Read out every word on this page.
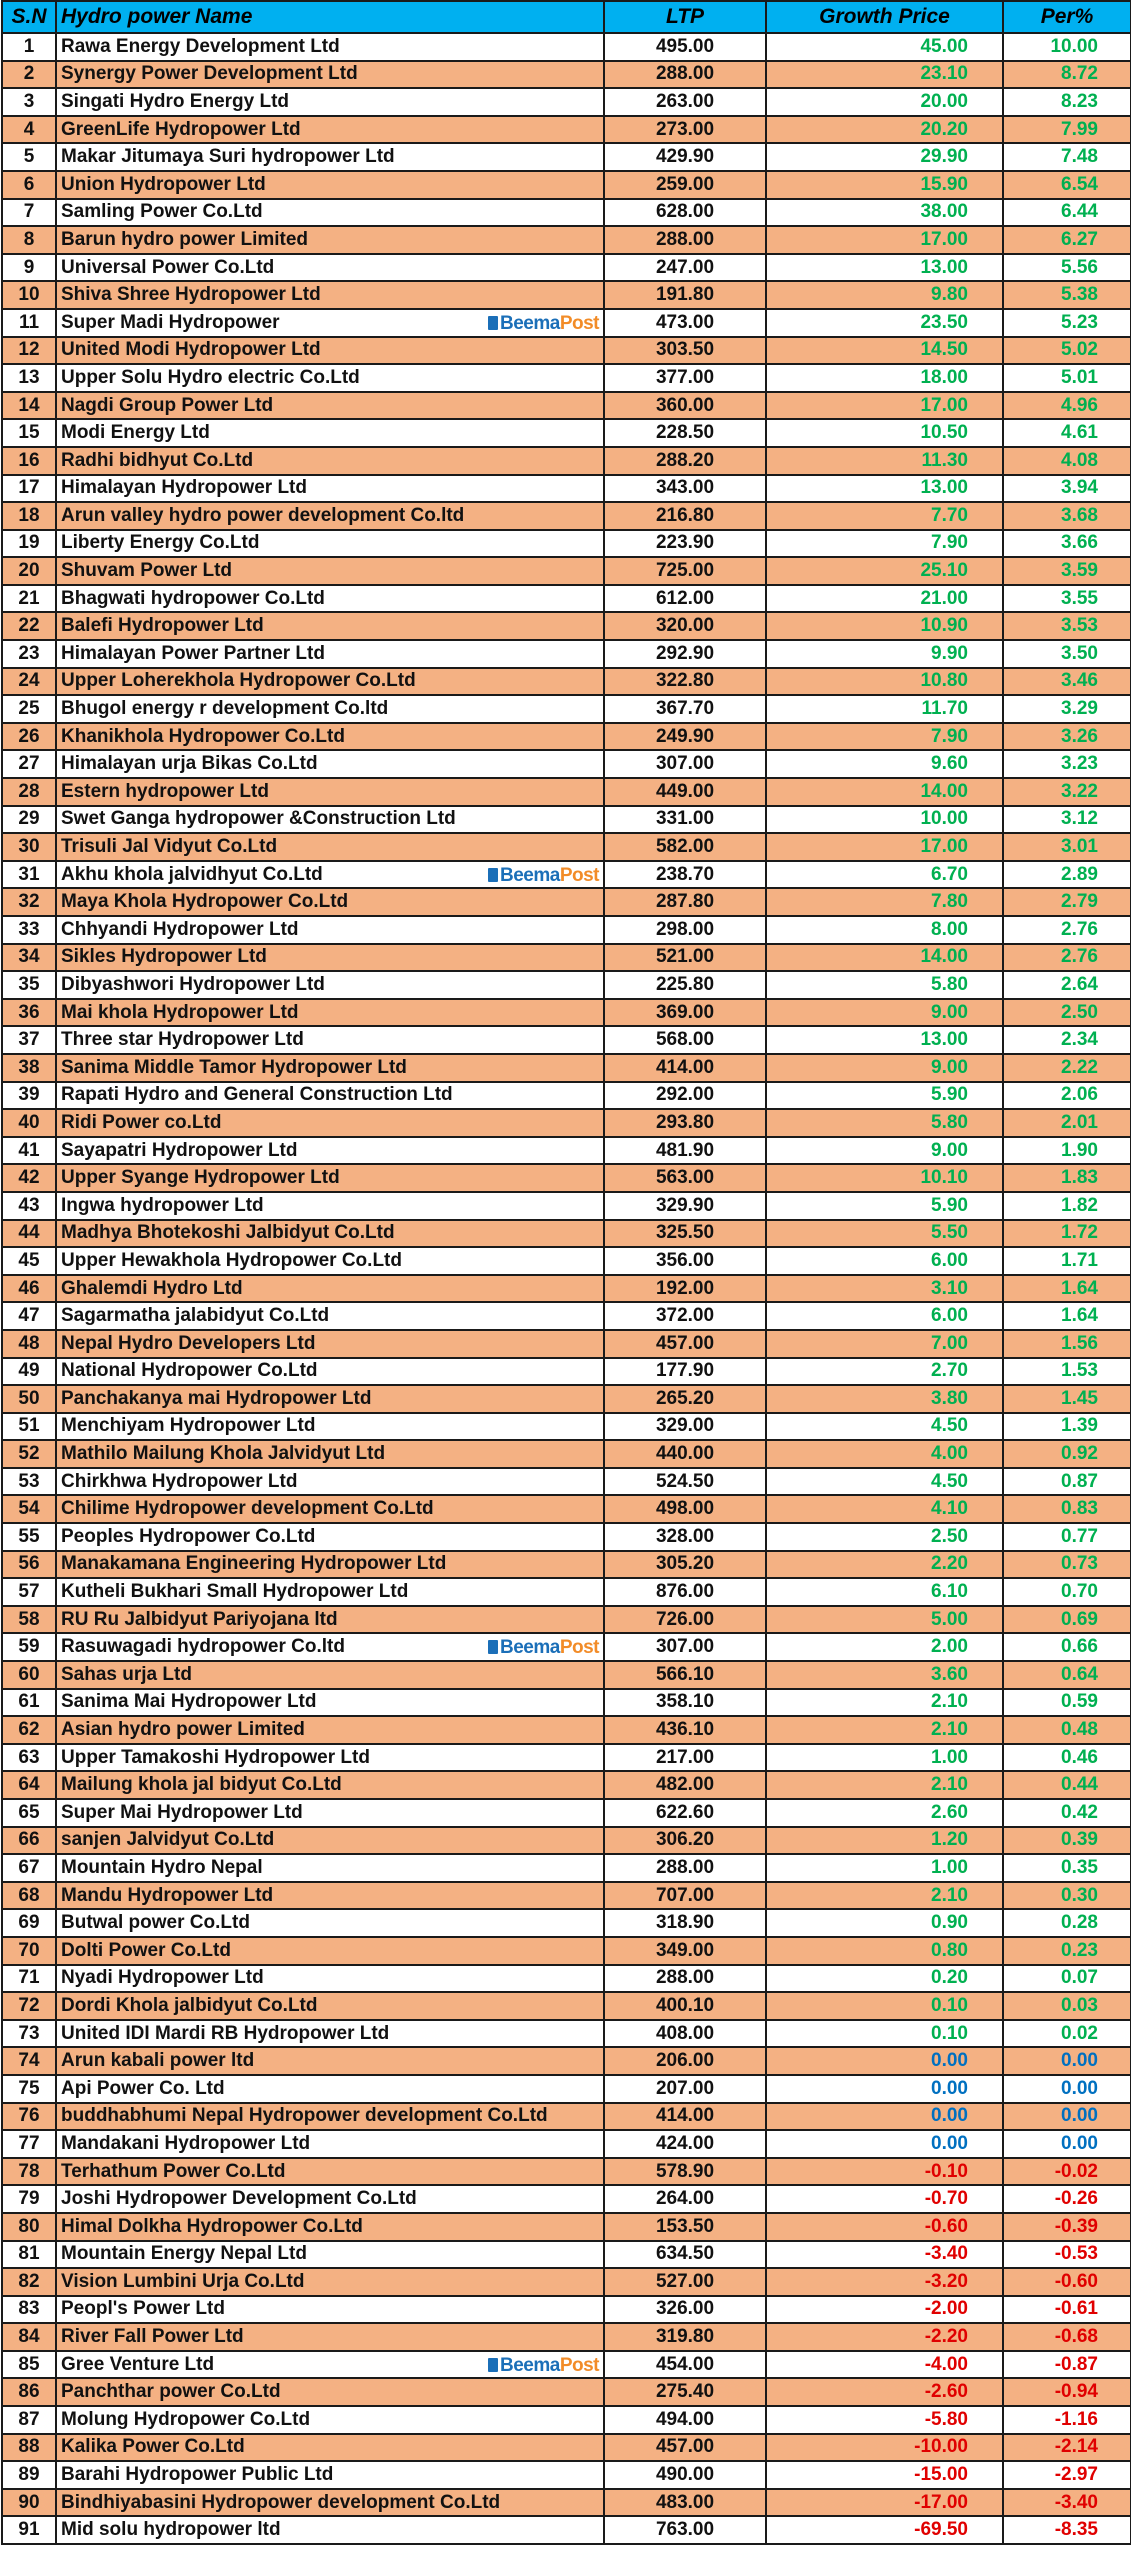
S.N	Hydro power Name	LTP	Growth Price	Per%
1	Rawa Energy Development Ltd	495.00	45.00	10.00
2	Synergy Power Development Ltd	288.00	23.10	8.72
3	Singati Hydro Energy Ltd	263.00	20.00	8.23
4	GreenLife Hydropower Ltd	273.00	20.20	7.99
5	Makar Jitumaya Suri hydropower Ltd	429.90	29.90	7.48
6	Union Hydropower Ltd	259.00	15.90	6.54
7	Samling Power Co.Ltd	628.00	38.00	6.44
8	Barun hydro power Limited	288.00	17.00	6.27
9	Universal Power Co.Ltd	247.00	13.00	5.56
10	Shiva Shree Hydropower Ltd	191.80	9.80	5.38
11	Super Madi Hydropower BeemaPost	473.00	23.50	5.23
12	United Modi Hydropower Ltd	303.50	14.50	5.02
13	Upper Solu Hydro electric Co.Ltd	377.00	18.00	5.01
14	Nagdi Group Power Ltd	360.00	17.00	4.96
15	Modi Energy Ltd	228.50	10.50	4.61
16	Radhi bidhyut Co.Ltd	288.20	11.30	4.08
17	Himalayan Hydropower Ltd	343.00	13.00	3.94
18	Arun valley hydro power development Co.ltd	216.80	7.70	3.68
19	Liberty Energy Co.Ltd	223.90	7.90	3.66
20	Shuvam Power Ltd	725.00	25.10	3.59
21	Bhagwati hydropower Co.Ltd	612.00	21.00	3.55
22	Balefi Hydropower Ltd	320.00	10.90	3.53
23	Himalayan Power Partner Ltd	292.90	9.90	3.50
24	Upper Loherekhola Hydropower Co.Ltd	322.80	10.80	3.46
25	Bhugol energy r development Co.ltd	367.70	11.70	3.29
26	Khanikhola Hydropower Co.Ltd	249.90	7.90	3.26
27	Himalayan urja Bikas Co.Ltd	307.00	9.60	3.23
28	Estern hydropower Ltd	449.00	14.00	3.22
29	Swet Ganga hydropower &Construction Ltd	331.00	10.00	3.12
30	Trisuli Jal Vidyut Co.Ltd	582.00	17.00	3.01
31	Akhu khola jalvidhyut Co.Ltd BeemaPost	238.70	6.70	2.89
32	Maya Khola Hydropower Co.Ltd	287.80	7.80	2.79
33	Chhyandi Hydropower Ltd	298.00	8.00	2.76
34	Sikles Hydropower Ltd	521.00	14.00	2.76
35	Dibyashwori Hydropower Ltd	225.80	5.80	2.64
36	Mai khola Hydropower Ltd	369.00	9.00	2.50
37	Three star Hydropower Ltd	568.00	13.00	2.34
38	Sanima Middle Tamor Hydropower Ltd	414.00	9.00	2.22
39	Rapati Hydro and General Construction Ltd	292.00	5.90	2.06
40	Ridi Power co.Ltd	293.80	5.80	2.01
41	Sayapatri Hydropower Ltd	481.90	9.00	1.90
42	Upper Syange Hydropower Ltd	563.00	10.10	1.83
43	Ingwa hydropower Ltd	329.90	5.90	1.82
44	Madhya Bhotekoshi Jalbidyut Co.Ltd	325.50	5.50	1.72
45	Upper Hewakhola Hydropower Co.Ltd	356.00	6.00	1.71
46	Ghalemdi Hydro Ltd	192.00	3.10	1.64
47	Sagarmatha jalabidyut Co.Ltd	372.00	6.00	1.64
48	Nepal Hydro Developers Ltd	457.00	7.00	1.56
49	National Hydropower Co.Ltd	177.90	2.70	1.53
50	Panchakanya mai Hydropower Ltd	265.20	3.80	1.45
51	Menchiyam Hydropower Ltd	329.00	4.50	1.39
52	Mathilo Mailung Khola Jalvidyut Ltd	440.00	4.00	0.92
53	Chirkhwa Hydropower Ltd	524.50	4.50	0.87
54	Chilime Hydropower development Co.Ltd	498.00	4.10	0.83
55	Peoples Hydropower Co.Ltd	328.00	2.50	0.77
56	Manakamana Engineering Hydropower Ltd	305.20	2.20	0.73
57	Kutheli Bukhari Small Hydropower Ltd	876.00	6.10	0.70
58	RU Ru Jalbidyut Pariyojana ltd	726.00	5.00	0.69
59	Rasuwagadi hydropower Co.ltd BeemaPost	307.00	2.00	0.66
60	Sahas urja Ltd	566.10	3.60	0.64
61	Sanima Mai Hydropower Ltd	358.10	2.10	0.59
62	Asian hydro power Limited	436.10	2.10	0.48
63	Upper Tamakoshi Hydropower Ltd	217.00	1.00	0.46
64	Mailung khola jal bidyut Co.Ltd	482.00	2.10	0.44
65	Super Mai Hydropower Ltd	622.60	2.60	0.42
66	sanjen Jalvidyut Co.Ltd	306.20	1.20	0.39
67	Mountain Hydro Nepal	288.00	1.00	0.35
68	Mandu Hydropower Ltd	707.00	2.10	0.30
69	Butwal power Co.Ltd	318.90	0.90	0.28
70	Dolti Power Co.Ltd	349.00	0.80	0.23
71	Nyadi Hydropower Ltd	288.00	0.20	0.07
72	Dordi Khola jalbidyut Co.Ltd	400.10	0.10	0.03
73	United IDI Mardi RB Hydropower Ltd	408.00	0.10	0.02
74	Arun kabali power ltd	206.00	0.00	0.00
75	Api Power Co. Ltd	207.00	0.00	0.00
76	buddhabhumi Nepal Hydropower development Co.Ltd	414.00	0.00	0.00
77	Mandakani Hydropower Ltd	424.00	0.00	0.00
78	Terhathum Power Co.Ltd	578.90	-0.10	-0.02
79	Joshi Hydropower Development Co.Ltd	264.00	-0.70	-0.26
80	Himal Dolkha Hydropower Co.Ltd	153.50	-0.60	-0.39
81	Mountain Energy Nepal Ltd	634.50	-3.40	-0.53
82	Vision Lumbini Urja Co.Ltd	527.00	-3.20	-0.60
83	Peopl's Power Ltd	326.00	-2.00	-0.61
84	River Fall Power Ltd	319.80	-2.20	-0.68
85	Gree Venture Ltd BeemaPost	454.00	-4.00	-0.87
86	Panchthar power Co.Ltd	275.40	-2.60	-0.94
87	Molung Hydropower Co.Ltd	494.00	-5.80	-1.16
88	Kalika Power Co.Ltd	457.00	-10.00	-2.14
89	Barahi Hydropower Public Ltd	490.00	-15.00	-2.97
90	Bindhiyabasini Hydropower development Co.Ltd	483.00	-17.00	-3.40
91	Mid solu hydropower ltd	763.00	-69.50	-8.35
